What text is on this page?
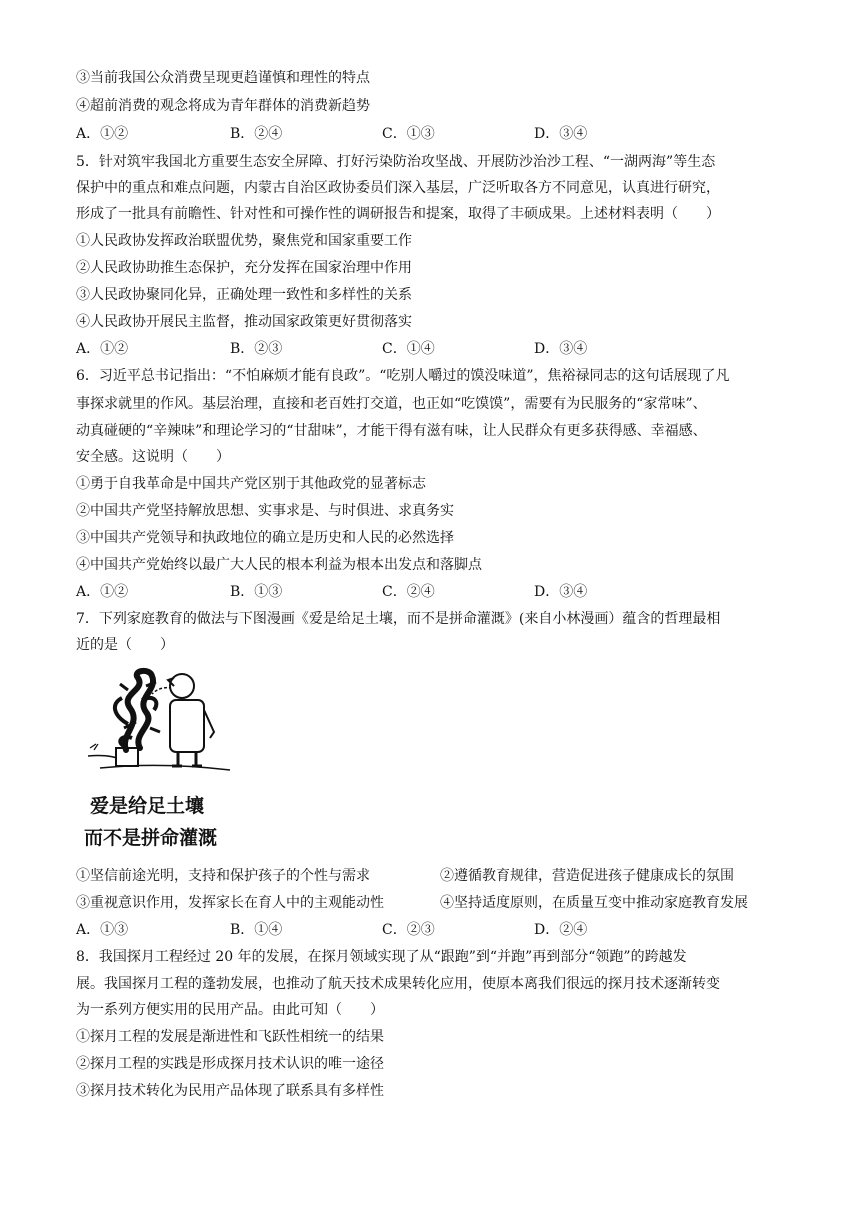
③当前我国公众消费呈现更趋谨慎和理性的特点
④超前消费的观念将成为青年群体的消费新趋势
A．①②	B．②④	C．①③	D．③④
5．针对筑牢我国北方重要生态安全屏障、打好污染防治攻坚战、开展防沙治沙工程、“一湖两海”等生态
保护中的重点和难点问题，内蒙古自治区政协委员们深入基层，广泛听取各方不同意见，认真进行研究，
形成了一批具有前瞻性、针对性和可操作性的调研报告和提案，取得了丰硕成果。上述材料表明（　　）
①人民政协发挥政治联盟优势，聚焦党和国家重要工作
②人民政协助推生态保护，充分发挥在国家治理中作用
③人民政协聚同化异，正确处理一致性和多样性的关系
④人民政协开展民主监督，推动国家政策更好贯彻落实
A．①②	B．②③	C．①④	D．③④
6．习近平总书记指出：“不怕麻烦才能有良政”。“吃别人嚼过的馍没味道”，焦裕禄同志的这句话展现了凡
事探求就里的作风。基层治理，直接和老百姓打交道，也正如“吃馍馍”，需要有为民服务的“家常味”、
动真碰硬的“辛辣味”和理论学习的“甘甜味”，才能干得有滋有味，让人民群众有更多获得感、幸福感、
安全感。这说明（　　）
①勇于自我革命是中国共产党区别于其他政党的显著标志
②中国共产党坚持解放思想、实事求是、与时俱进、求真务实
③中国共产党领导和执政地位的确立是历史和人民的必然选择
④中国共产党始终以最广大人民的根本利益为根本出发点和落脚点
A．①②	B．①③	C．②④	D．③④
7．下列家庭教育的做法与下图漫画《爱是给足土壤，而不是拼命灌溉》(来自小林漫画）蕴含的哲理最相
近的是（　　）
爱是给足土壤
而不是拼命灌溉
①坚信前途光明，支持和保护孩子的个性与需求	②遵循教育规律，营造促进孩子健康成长的氛围
③重视意识作用，发挥家长在育人中的主观能动性	④坚持适度原则，在质量互变中推动家庭教育发展
A．①③	B．①④	C．②③	D．②④
8．我国探月工程经过 20 年的发展，在探月领域实现了从“跟跑”到“并跑”再到部分“领跑”的跨越发
展。我国探月工程的蓬勃发展，也推动了航天技术成果转化应用，使原本离我们很远的探月技术逐渐转变
为一系列方便实用的民用产品。由此可知（　　）
①探月工程的发展是渐进性和飞跃性相统一的结果
②探月工程的实践是形成探月技术认识的唯一途径
③探月技术转化为民用产品体现了联系具有多样性
